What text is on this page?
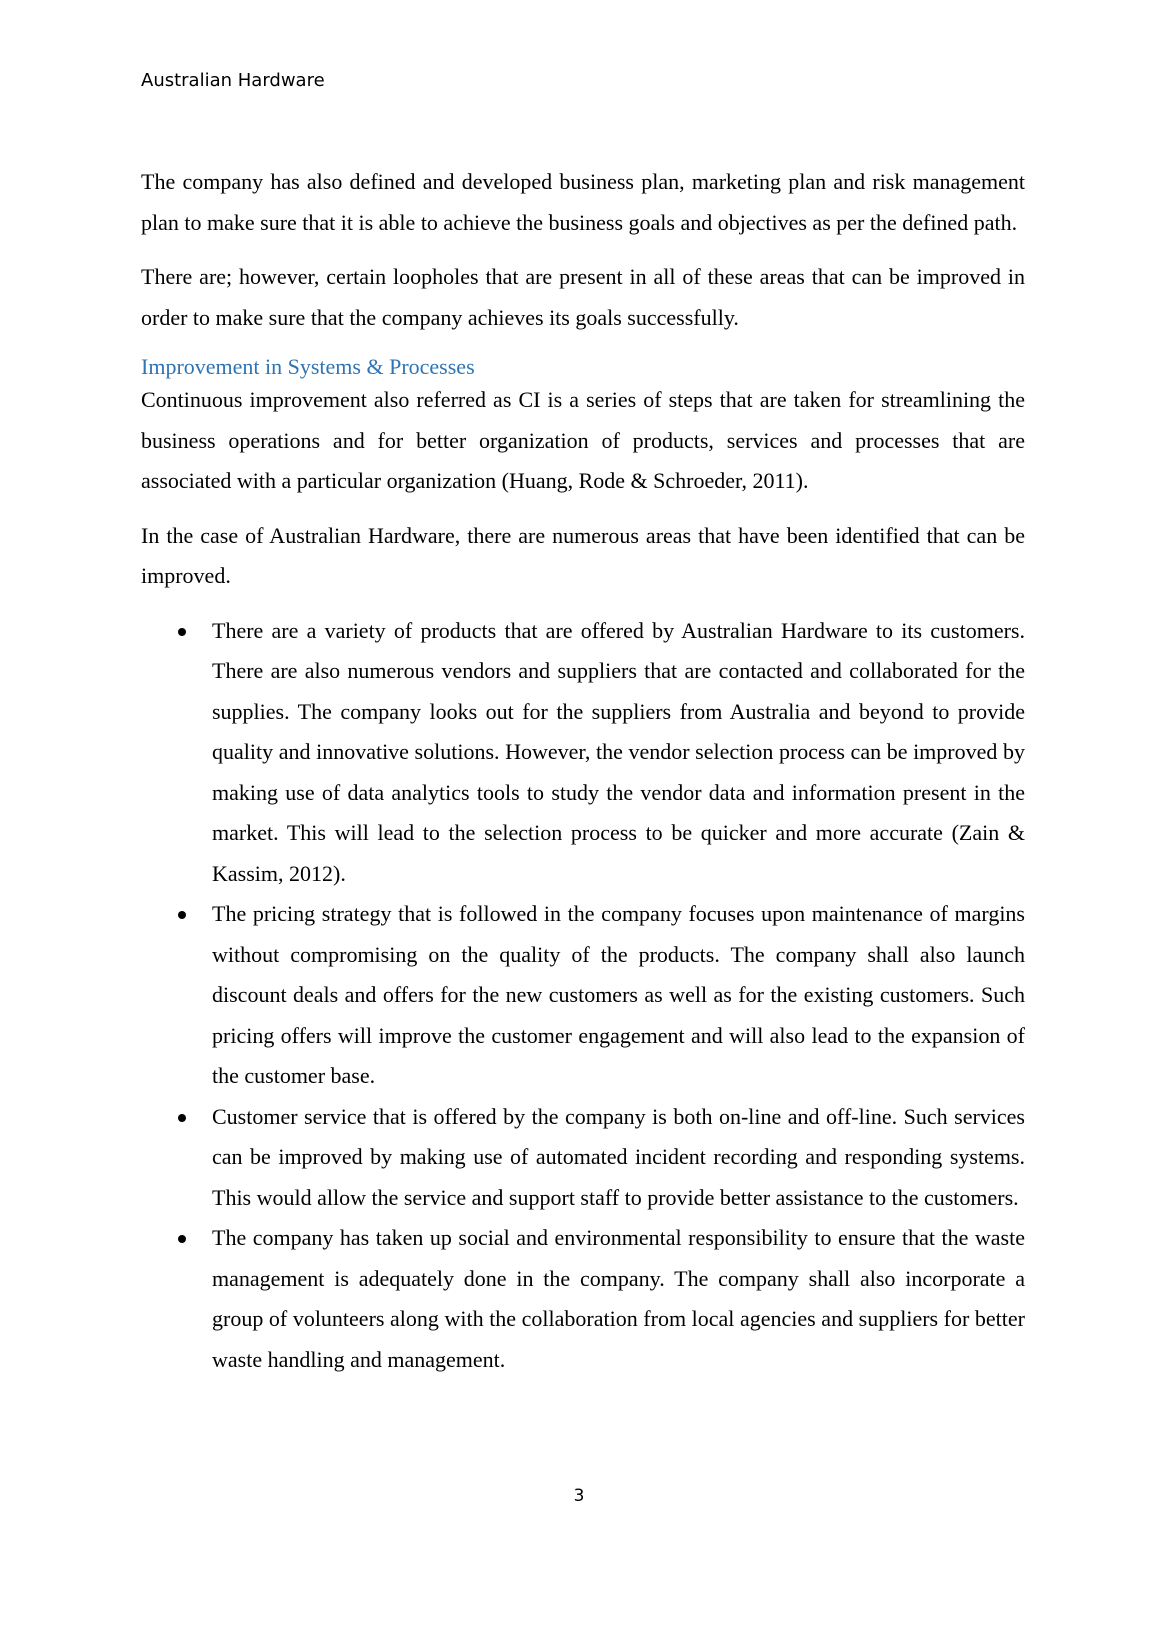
Australian Hardware

The company has also defined and developed business plan, marketing plan and risk management plan to make sure that it is able to achieve the business goals and objectives as per the defined path.

There are; however, certain loopholes that are present in all of these areas that can be improved in order to make sure that the company achieves its goals successfully.

Improvement in Systems & Processes

Continuous improvement also referred as CI is a series of steps that are taken for streamlining the business operations and for better organization of products, services and processes that are associated with a particular organization (Huang, Rode & Schroeder, 2011).

In the case of Australian Hardware, there are numerous areas that have been identified that can be improved.

There are a variety of products that are offered by Australian Hardware to its customers. There are also numerous vendors and suppliers that are contacted and collaborated for the supplies. The company looks out for the suppliers from Australia and beyond to provide quality and innovative solutions. However, the vendor selection process can be improved by making use of data analytics tools to study the vendor data and information present in the market. This will lead to the selection process to be quicker and more accurate (Zain & Kassim, 2012).
The pricing strategy that is followed in the company focuses upon maintenance of margins without compromising on the quality of the products. The company shall also launch discount deals and offers for the new customers as well as for the existing customers. Such pricing offers will improve the customer engagement and will also lead to the expansion of the customer base.
Customer service that is offered by the company is both on-line and off-line. Such services can be improved by making use of automated incident recording and responding systems. This would allow the service and support staff to provide better assistance to the customers.
The company has taken up social and environmental responsibility to ensure that the waste management is adequately done in the company. The company shall also incorporate a group of volunteers along with the collaboration from local agencies and suppliers for better waste handling and management.
3
